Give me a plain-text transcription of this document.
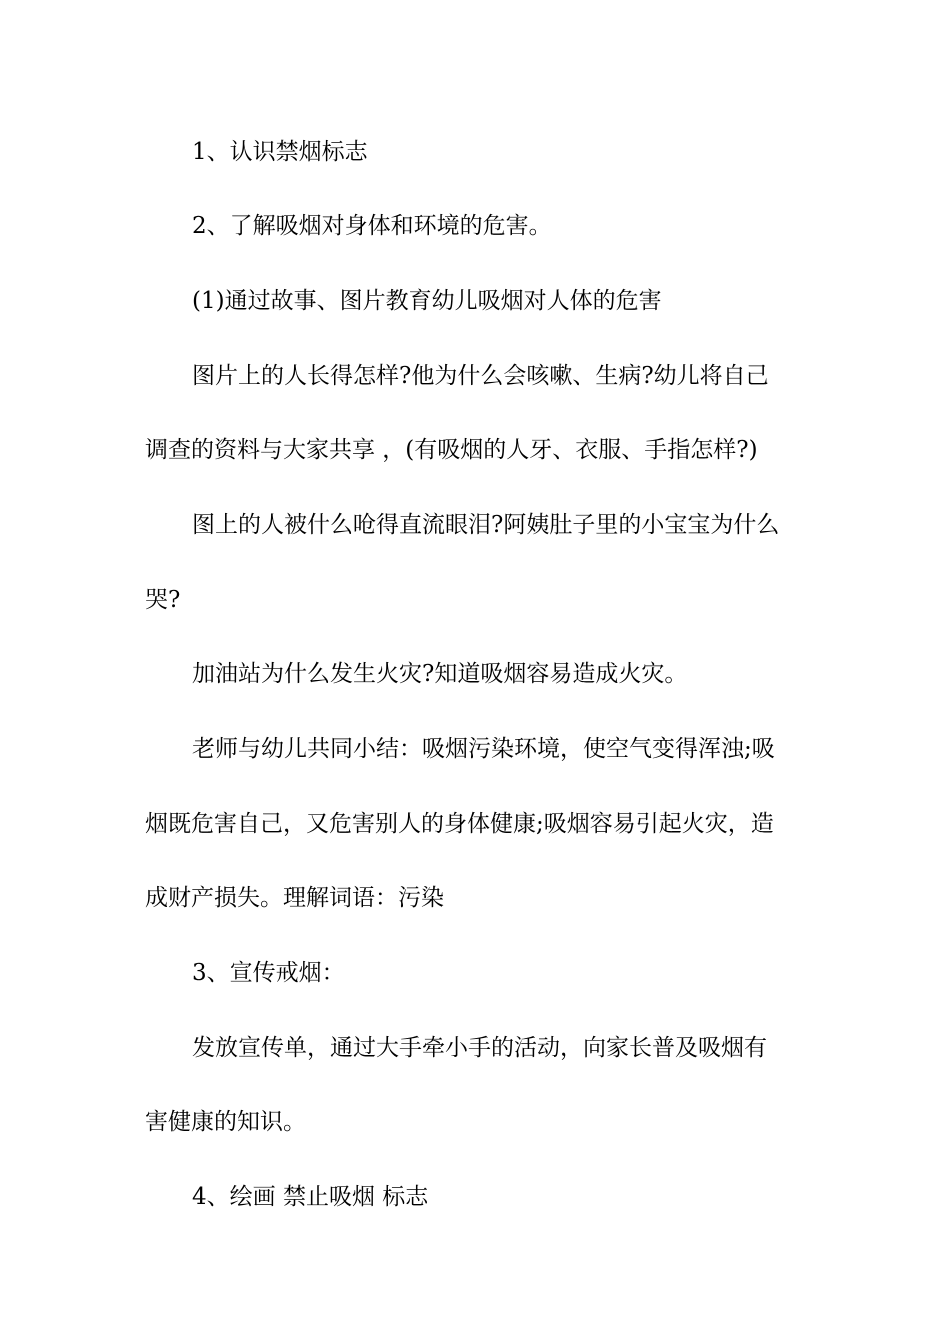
1、认识禁烟标志
2、了解吸烟对身体和环境的危害。
(1)通过故事、图片教育幼儿吸烟对人体的危害
图片上的人长得怎样?他为什么会咳嗽、生病?幼儿将自己
调查的资料与大家共享 ，(有吸烟的人牙、衣服、手指怎样?)
图上的人被什么呛得直流眼泪?阿姨肚子里的小宝宝为什么
哭?
加油站为什么发生火灾?知道吸烟容易造成火灾。
老师与幼儿共同小结：吸烟污染环境，使空气变得浑浊;吸
烟既危害自己，又危害别人的身体健康;吸烟容易引起火灾，造
成财产损失。理解词语：污染
3、宣传戒烟：
发放宣传单，通过大手牵小手的活动，向家长普及吸烟有
害健康的知识。
4、绘画 禁止吸烟 标志
